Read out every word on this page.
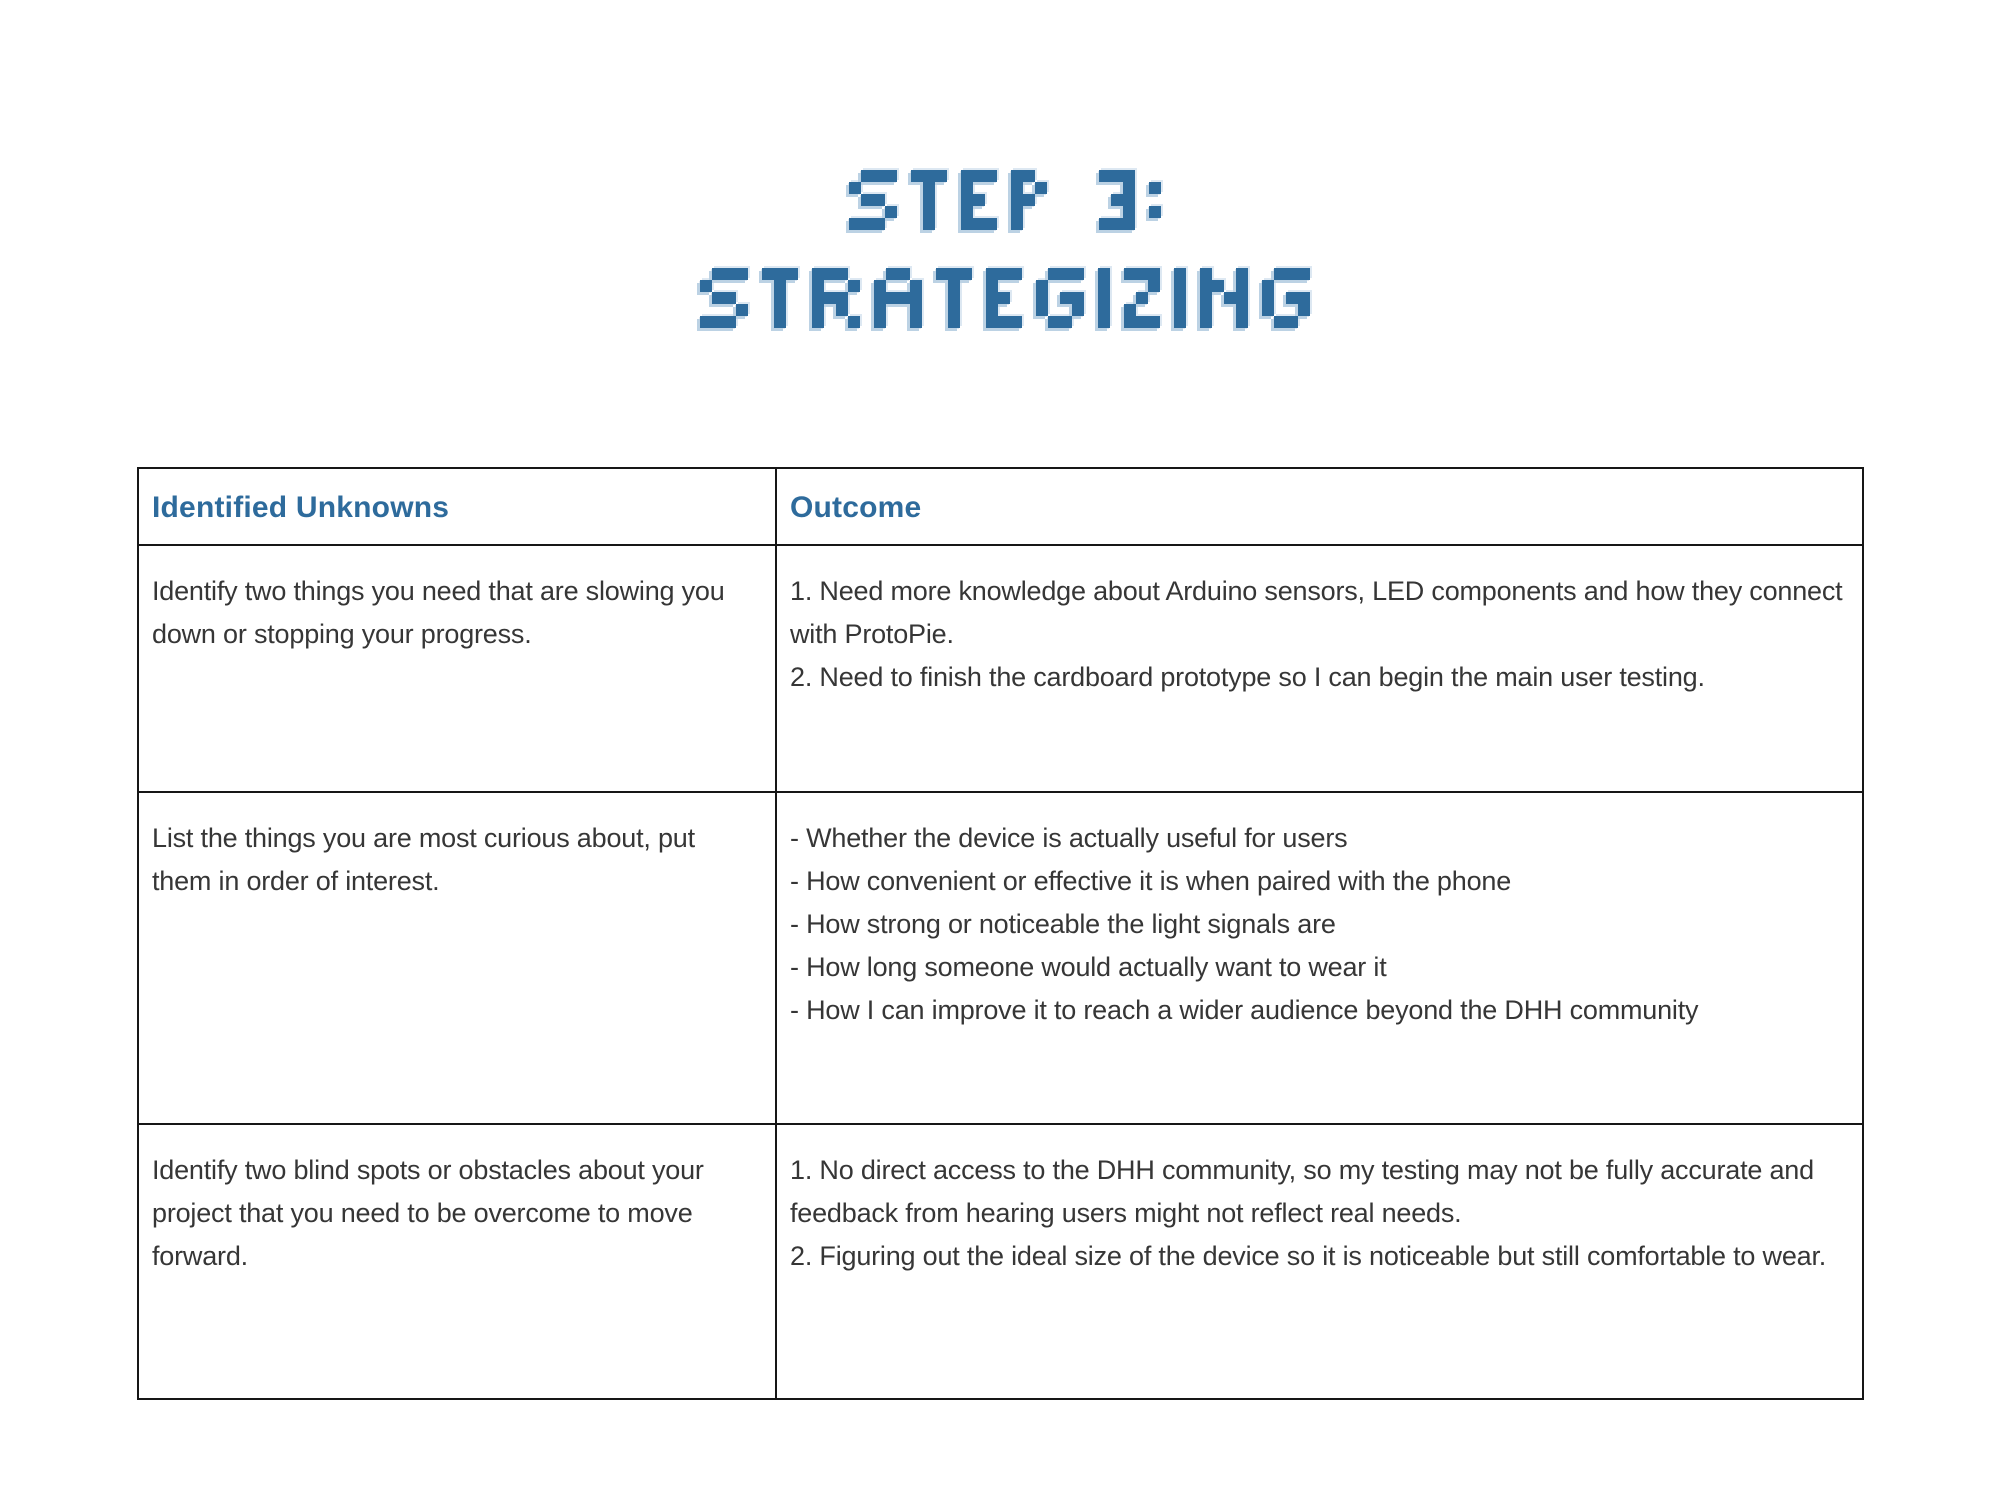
Identified Unknowns	Outcome

Identify two things you need that are slowing you down or stopping your progress.	1. Need more knowledge about Arduino sensors, LED components and how they connect with ProtoPie.
2. Need to finish the cardboard prototype so I can begin the main user testing.

List the things you are most curious about, put them in order of interest.	- Whether the device is actually useful for users
- How convenient or effective it is when paired with the phone
- How strong or noticeable the light signals are
- How long someone would actually want to wear it
- How I can improve it to reach a wider audience beyond the DHH community

Identify two blind spots or obstacles about your project that you need to be overcome to move forward.	1. No direct access to the DHH community, so my testing may not be fully accurate and feedback from hearing users might not reflect real needs.
2. Figuring out the ideal size of the device so it is noticeable but still comfortable to wear.
